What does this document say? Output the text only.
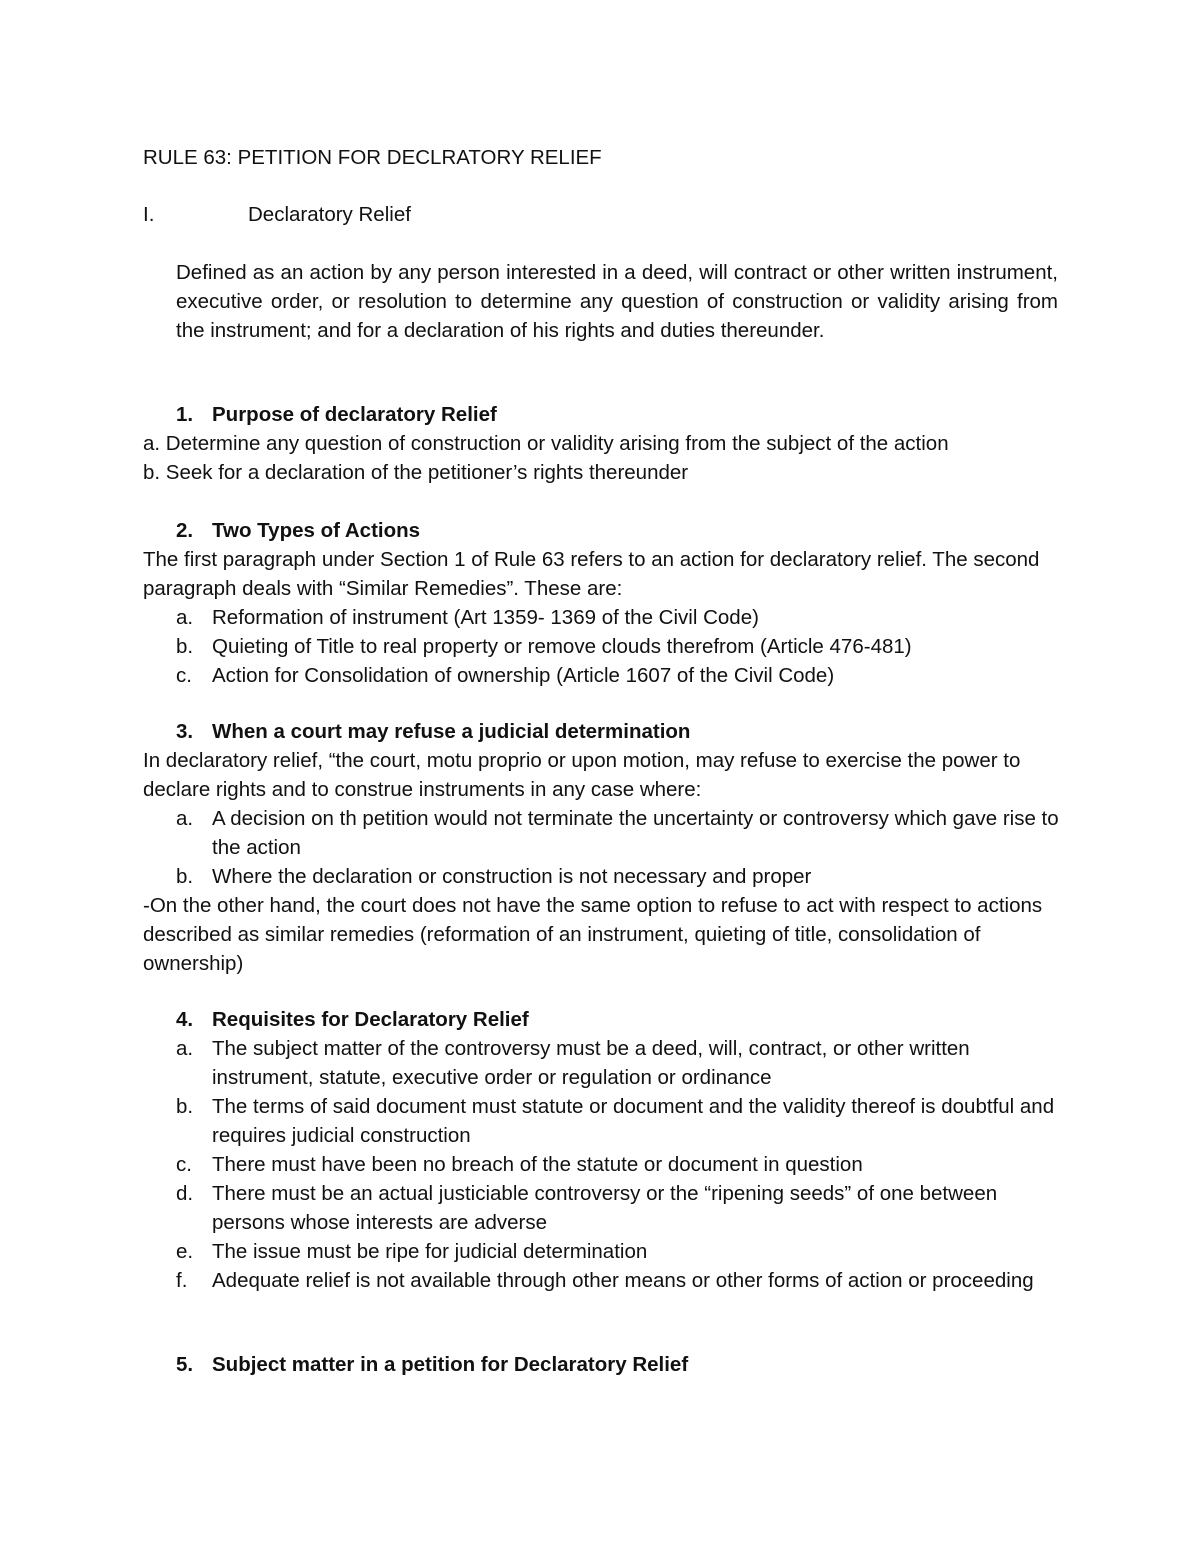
RULE 63: PETITION FOR DECLRATORY RELIEF
I.	Declaratory Relief

Defined as an action by any person interested in a deed, will contract or other written instrument, executive order, or resolution to determine any question of construction or validity arising from the instrument; and for a declaration of his rights and duties thereunder.

1. Purpose of declaratory Relief

a. Determine any question of construction or validity arising from the subject of the action

b. Seek for a declaration of the petitioner’s rights thereunder

2. Two Types of Actions

The first paragraph under Section 1 of Rule 63 refers to an action for declaratory relief. The second paragraph deals with “Similar Remedies”. These are:

a. Reformation of instrument (Art 1359- 1369 of the Civil Code)
b. Quieting of Title to real property or remove clouds therefrom (Article 476-481)
c. Action for Consolidation of ownership (Article 1607 of the Civil Code)
3. When a court may refuse a judicial determination

In declaratory relief, “the court, motu proprio or upon motion, may refuse to exercise the power to declare rights and to construe instruments in any case where:

a. A decision on th petition would not terminate the uncertainty or controversy which gave rise to the action
b. Where the declaration or construction is not necessary and proper

-On the other hand, the court does not have the same option to refuse to act with respect to actions described as similar remedies (reformation of an instrument, quieting of title, consolidation of ownership)

4. Requisites for Declaratory Relief
a. The subject matter of the controversy must be a deed, will, contract, or other written instrument, statute, executive order or regulation or ordinance
b. The terms of said document must statute or document and the validity thereof is doubtful and requires judicial construction
c. There must have been no breach of the statute or document in question
d. There must be an actual justiciable controversy or the “ripening seeds” of one between persons whose interests are adverse
e. The issue must be ripe for judicial determination
f. Adequate relief is not available through other means or other forms of action or proceeding
5. Subject matter in a petition for Declaratory Relief
